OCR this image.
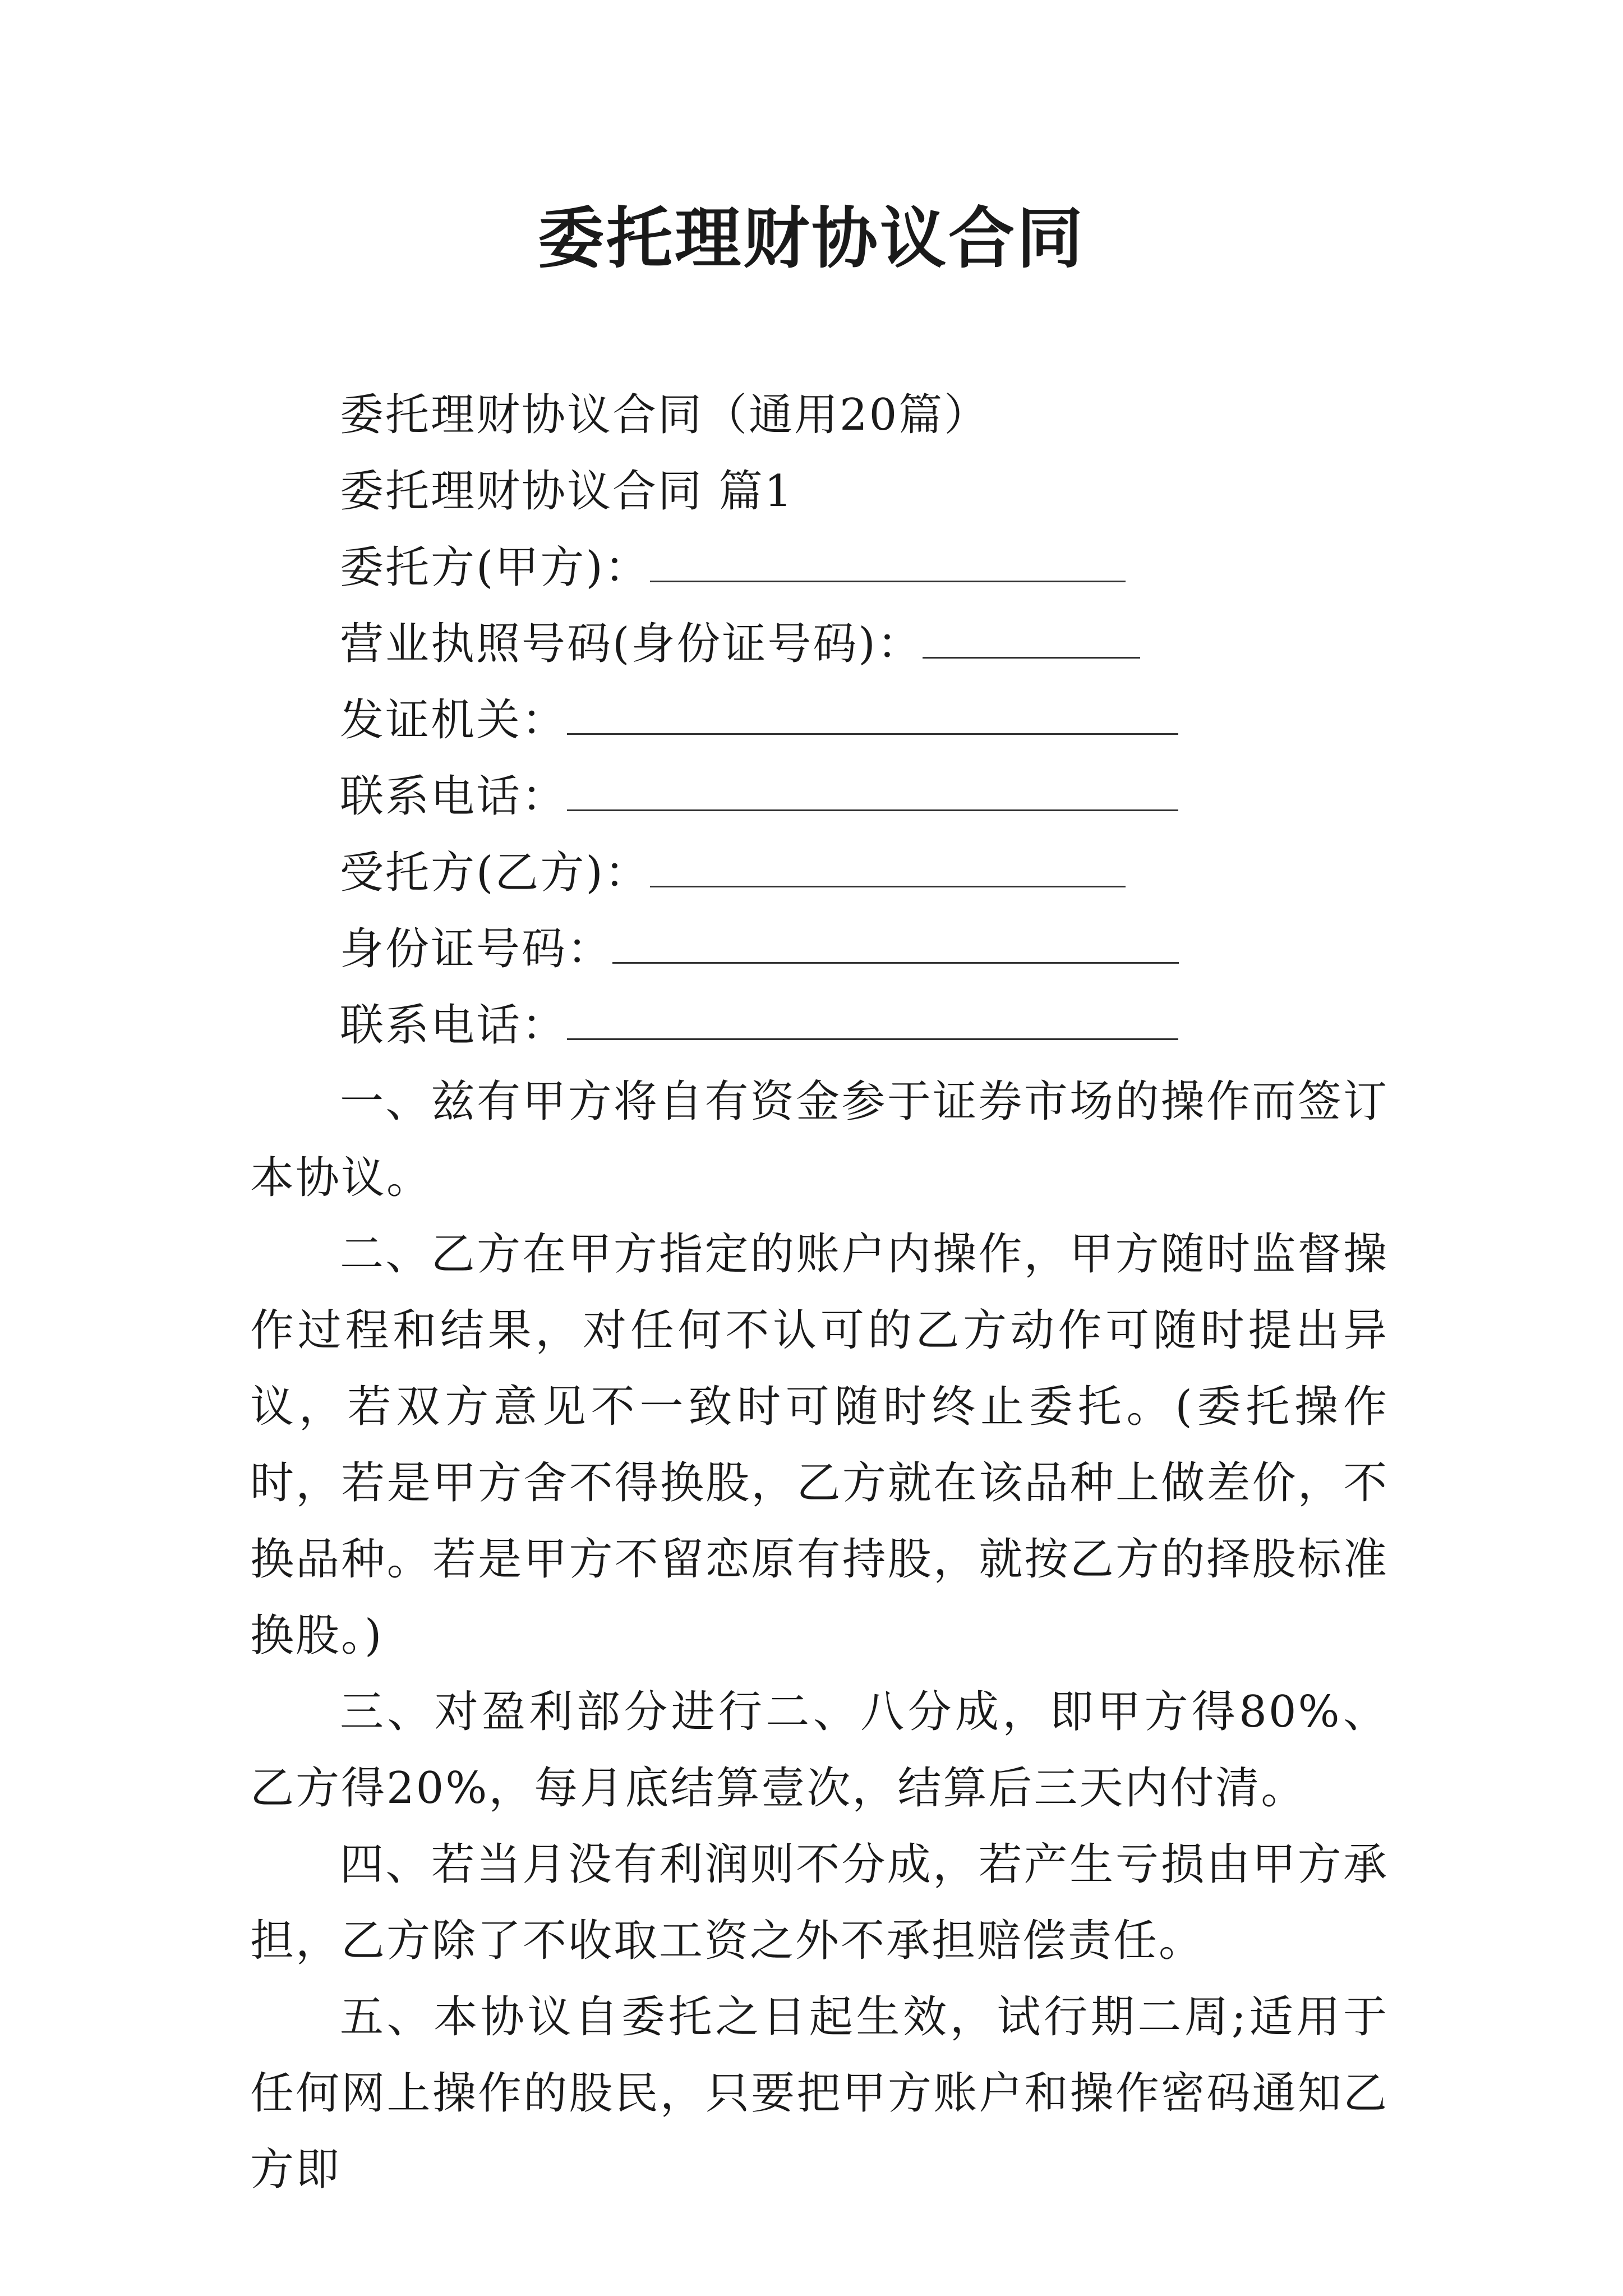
委托理财协议合同

委托理财协议合同（通用20篇）

委托理财协议合同 篇1

委托方(甲方)：

营业执照号码(身份证号码)：

发证机关：

联系电话：

受托方(乙方)：

身份证号码：

联系电话：

一、兹有甲方将自有资金参于证券市场的操作而签订本协议。

二、乙方在甲方指定的账户内操作，甲方随时监督操作过程和结果，对任何不认可的乙方动作可随时提出异议，若双方意见不一致时可随时终止委托。(委托操作时，若是甲方舍不得换股，乙方就在该品种上做差价，不换品种。若是甲方不留恋原有持股，就按乙方的择股标准换股。)

三、对盈利部分进行二、八分成，即甲方得80%、乙方得20%，每月底结算壹次，结算后三天内付清。

四、若当月没有利润则不分成，若产生亏损由甲方承担，乙方除了不收取工资之外不承担赔偿责任。

五、本协议自委托之日起生效，试行期二周;适用于任何网上操作的股民，只要把甲方账户和操作密码通知乙方即
